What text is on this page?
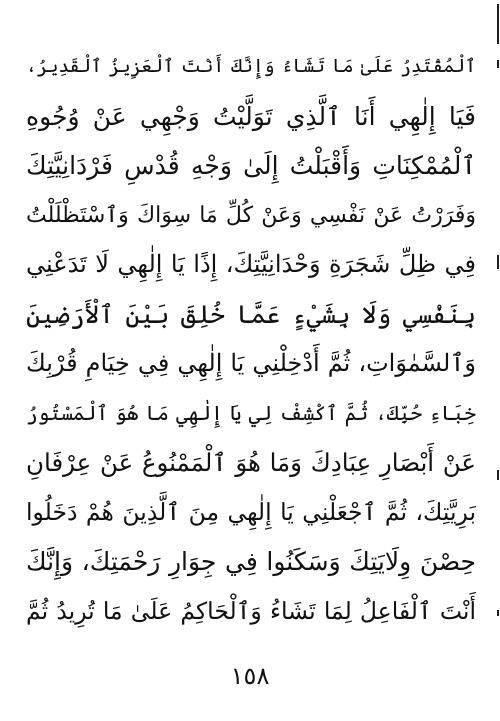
ٱلْمُقْتَدِرُ عَلَىٰ مَا تَشَاءُ وَإِنَّكَ أَنْتَ ٱلْعَزِيزُ ٱلْقَدِيرُ،
فَيَا إِلٰهِي أَنَا ٱلَّذِي تَوَلَّيْتُ وَجْهِي عَنْ وُجُوهِ
ٱلْمُمْكِنَاتِ وَأَقْبَلْتُ إِلَىٰ وَجْهِ قُدْسِ فَرْدَانِيَّتِكَ
وَفَرَرْتُ عَنْ نَفْسِي وَعَنْ كُلِّ مَا سِوَاكَ وَٱسْتَظْلَلْتُ
فِي ظِلِّ شَجَرَةِ وَحْدَانِيَّتِكَ، إِذًا يَا إِلٰهِي لَا تَدَعْنِي
بِنَفْسِي وَلَا بِشَيْءٍ عَمَّا خُلِقَ بَيْنَ ٱلْأَرَضِينَ
وَٱلسَّمٰوَاتِ، ثُمَّ أَدْخِلْنِي يَا إِلٰهِي فِي خِيَامِ قُرْبِكَ
خِبَاءِ حُبِّكَ، ثُمَّ ٱكْشِفْ لِي يَا إِلٰهِي مَا هُوَ ٱلْمَسْتُورُ
عَنْ أَبْصَارِ عِبَادِكَ وَمَا هُوَ ٱلْمَمْنُوعُ عَنْ عِرْفَانِ
بَرِيَّتِكَ، ثُمَّ ٱجْعَلْنِي يَا إِلٰهِي مِنَ ٱلَّذِينَ هُمْ دَخَلُوا
حِصْنَ وِلَايَتِكَ وَسَكَنُوا فِي جِوَارِ رَحْمَتِكَ، وَإِنَّكَ
أَنْتَ ٱلْفَاعِلُ لِمَا تَشَاءُ وَٱلْحَاكِمُ عَلَىٰ مَا تُرِيدُ ثُمَّ
١٥٨
